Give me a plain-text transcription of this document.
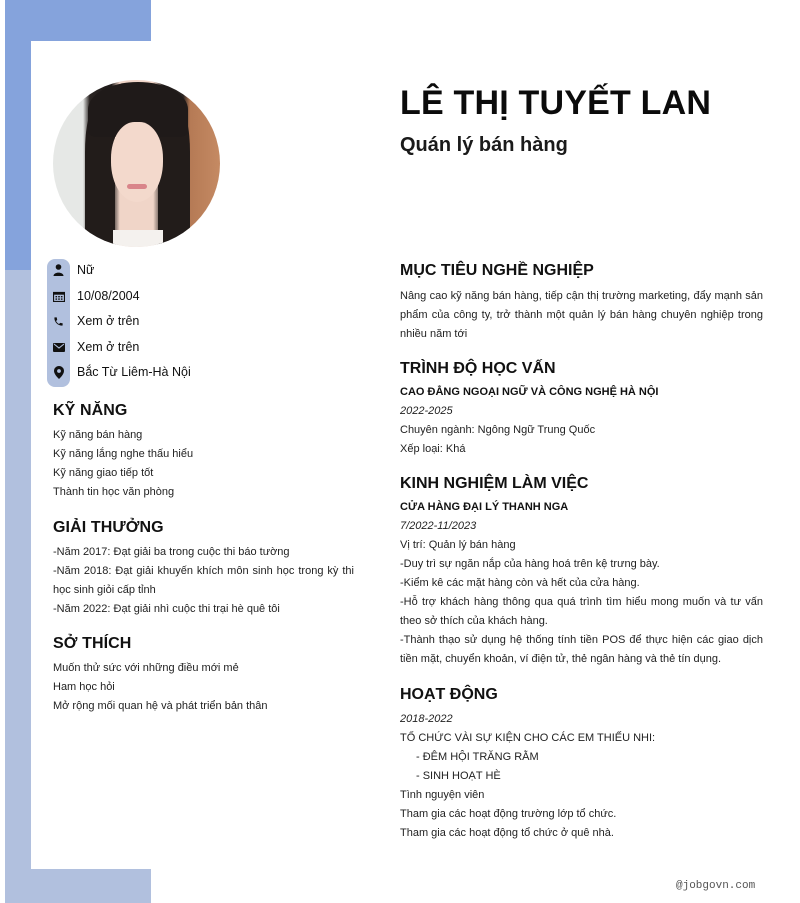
Nữ
10/08/2004
Xem ở trên
Xem ở trên
Bắc Từ Liêm-Hà Nội
KỸ NĂNG
Kỹ năng bán hàng
Kỹ năng lắng nghe thấu hiểu
Kỹ năng giao tiếp tốt
Thành tin học văn phòng
GIẢI THƯỞNG
-Năm 2017: Đạt giải ba trong cuộc thi báo tường
-Năm 2018: Đạt giải khuyến khích môn sinh học trong kỳ thi học sinh giỏi cấp tỉnh
-Năm 2022: Đạt giải nhì cuộc thi trại hè quê tôi
SỞ THÍCH
Muốn thử sức với những điều mới mẻ
Ham học hỏi
Mở rộng mối quan hệ và phát triển bản thân
LÊ THỊ TUYẾT LAN
Quán lý bán hàng
MỤC TIÊU NGHỀ NGHIỆP
Nâng cao kỹ năng bán hàng, tiếp cận thị trường marketing, đẩy mạnh sản phẩm của công ty, trở thành một quản lý bán hàng chuyên nghiệp trong nhiều năm tới
TRÌNH ĐỘ HỌC VẤN
CAO ĐẲNG NGOẠI NGỮ VÀ CÔNG NGHỆ HÀ NỘI
2022-2025
Chuyên ngành: Ngông Ngữ Trung Quốc
Xếp loại: Khá
KINH NGHIỆM LÀM VIỆC
CỬA HÀNG ĐẠI LÝ THANH NGA
7/2022-11/2023
Vị trí: Quản lý bán hàng
-Duy trì sự ngăn nắp của hàng hoá trên kệ trưng bày.
-Kiểm kê các mặt hàng còn và hết của cửa hàng.
-Hỗ trợ khách hàng thông qua quá trình tìm hiểu mong muốn và tư vấn theo sở thích của khách hàng.
-Thành thạo sử dụng hệ thống tính tiền POS để thực hiện các giao dịch tiền mặt, chuyển khoản, ví điện tử, thẻ ngân hàng và thẻ tín dụng.
HOẠT ĐỘNG
2018-2022
TỔ CHỨC VÀI SỰ KIỆN CHO CÁC EM THIẾU NHI:
- ĐÊM HỘI TRĂNG RẰM
- SINH HOẠT HÈ
Tình nguyện viên
Tham gia các hoạt động trường lớp tổ chức.
Tham gia các hoạt động tổ chức ở quê nhà.
@jobgovn.com
